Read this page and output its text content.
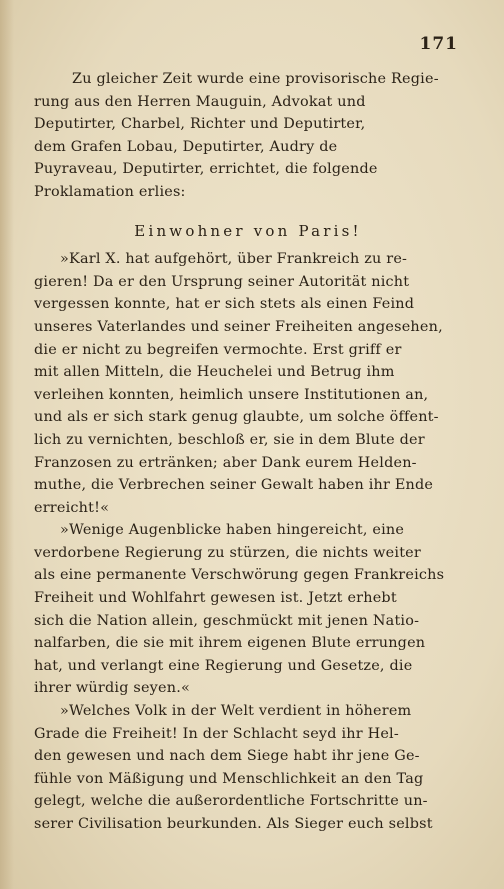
171
Zu gleicher Zeit wurde eine provisorische Regie-
rung aus den Herren Mauguin, Advokat und
Deputirter, Charbel, Richter und Deputirter,
dem Grafen Lobau, Deputirter, Audry de
Puyraveau, Deputirter, errichtet, die folgende
Proklamation erlies:
Einwohner von Paris!
»Karl X. hat aufgehört, über Frankreich zu re-
gieren! Da er den Ursprung seiner Autorität nicht
vergessen konnte, hat er sich stets als einen Feind
unseres Vaterlandes und seiner Freiheiten angesehen,
die er nicht zu begreifen vermochte. Erst griff er
mit allen Mitteln, die Heuchelei und Betrug ihm
verleihen konnten, heimlich unsere Institutionen an,
und als er sich stark genug glaubte, um solche öffent-
lich zu vernichten, beschloß er, sie in dem Blute der
Franzosen zu ertränken; aber Dank eurem Helden-
muthe, die Verbrechen seiner Gewalt haben ihr Ende
erreicht!«
»Wenige Augenblicke haben hingereicht, eine
verdorbene Regierung zu stürzen, die nichts weiter
als eine permanente Verschwörung gegen Frankreichs
Freiheit und Wohlfahrt gewesen ist. Jetzt erhebt
sich die Nation allein, geschmückt mit jenen Natio-
nalfarben, die sie mit ihrem eigenen Blute errungen
hat, und verlangt eine Regierung und Gesetze, die
ihrer würdig seyen.«
»Welches Volk in der Welt verdient in höherem
Grade die Freiheit! In der Schlacht seyd ihr Hel-
den gewesen und nach dem Siege habt ihr jene Ge-
fühle von Mäßigung und Menschlichkeit an den Tag
gelegt, welche die außerordentliche Fortschritte un-
serer Civilisation beurkunden. Als Sieger euch selbst
